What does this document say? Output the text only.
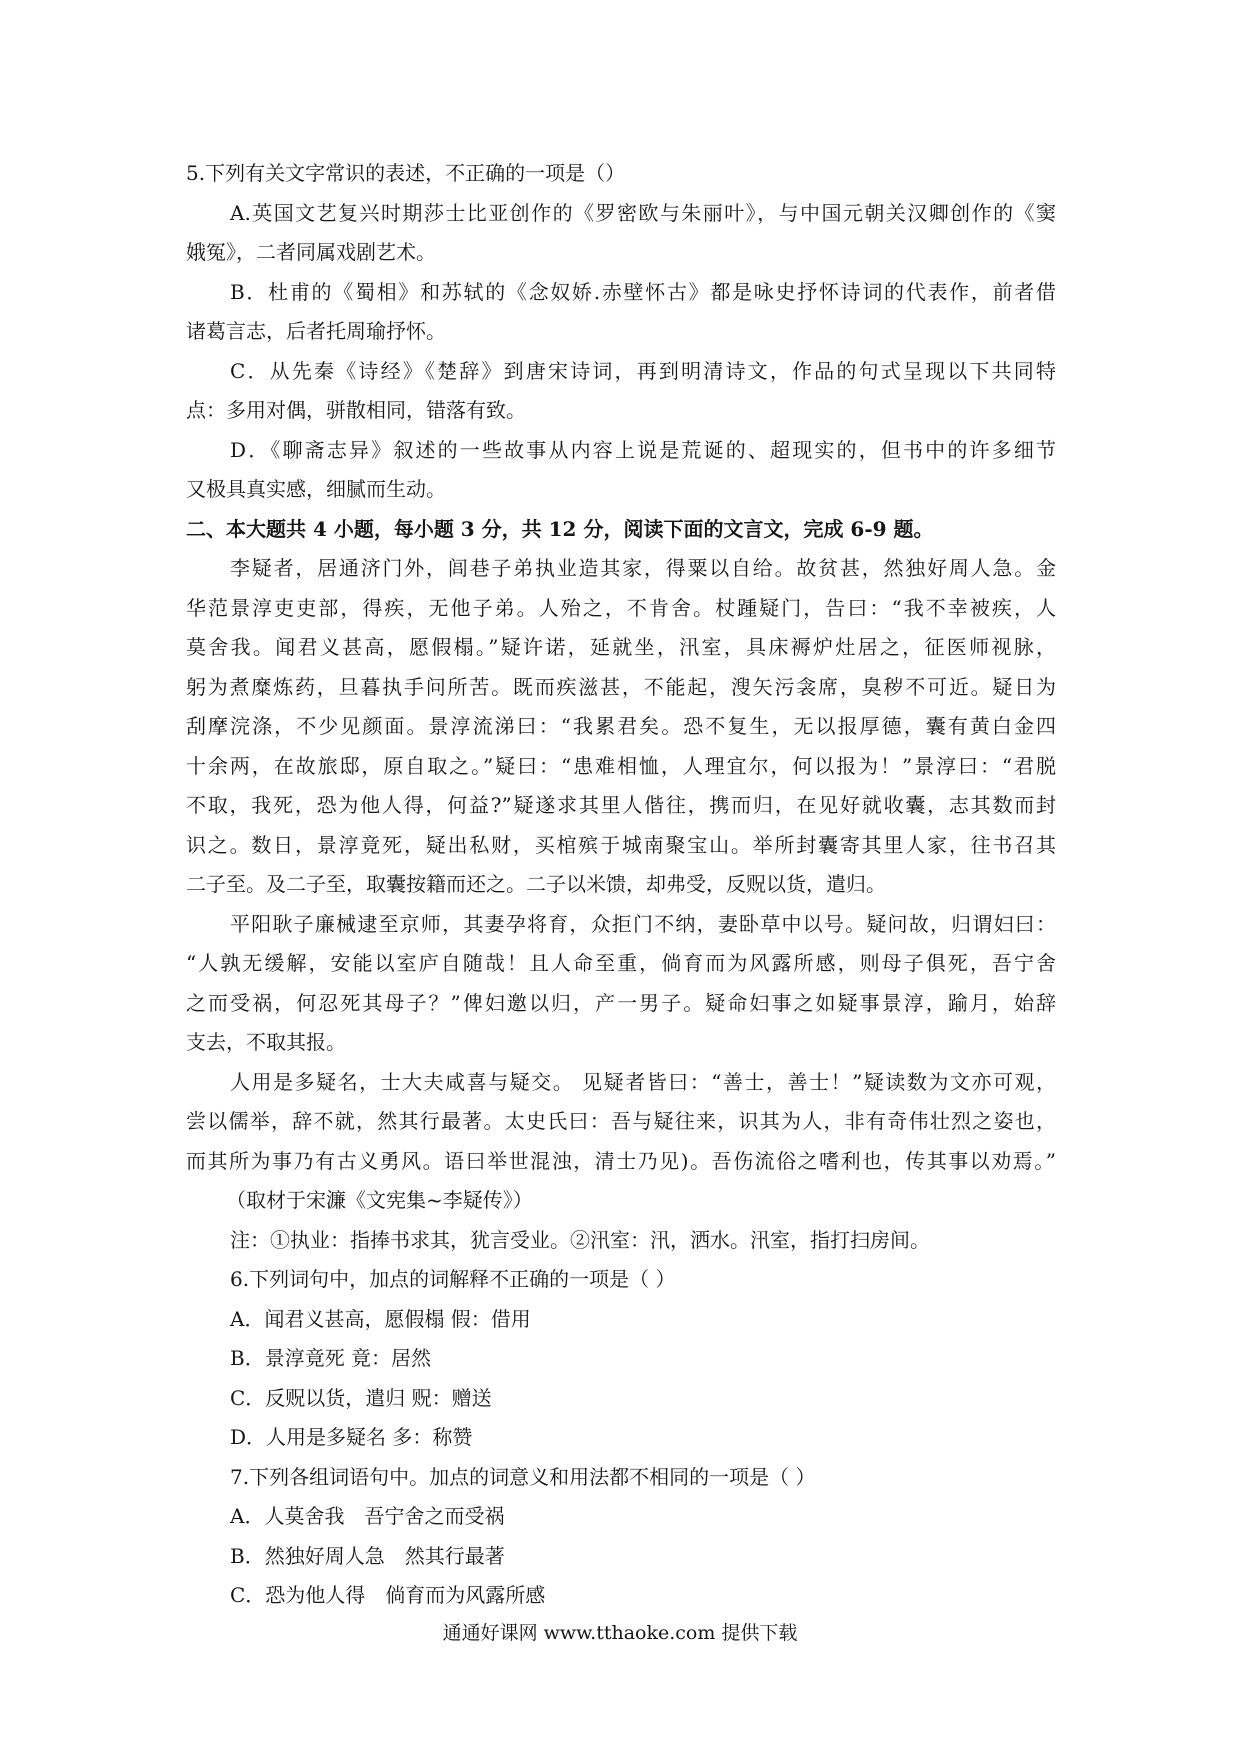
5.下列有关文字常识的表述，不正确的一项是（）

A.英国文艺复兴时期莎士比亚创作的《罗密欧与朱丽叶》，与中国元朝关汉卿创作的《窦

娥冤》，二者同属戏剧艺术。

B．杜甫的《蜀相》和苏轼的《念奴娇.赤壁怀古》都是咏史抒怀诗词的代表作，前者借

诸葛言志，后者托周瑜抒怀。

C．从先秦《诗经》《楚辞》到唐宋诗词，再到明清诗文，作品的句式呈现以下共同特

点：多用对偶，骈散相同，错落有致。

D．《聊斋志异》叙述的一些故事从内容上说是荒诞的、超现实的，但书中的许多细节

又极具真实感，细腻而生动。

二、本大题共 4 小题，每小题 3 分，共 12 分，阅读下面的文言文，完成 6-9 题。

李疑者，居通济门外，闾巷子弟执业造其家，得粟以自给。故贫甚，然独好周人急。金

华范景淳吏吏部，得疾，无他子弟。人殆之，不肯舍。杖踵疑门，告曰：“我不幸被疾，人

莫舍我。闻君义甚高，愿假榻。”疑许诺，延就坐，汛室，具床褥炉灶居之，征医师视脉，

躬为煮糜炼药，旦暮执手问所苦。既而疾滋甚，不能起，溲矢污衾席，臭秽不可近。疑日为

刮摩浣涤，不少见颜面。景淳流涕曰：“我累君矣。恐不复生，无以报厚德，囊有黄白金四

十余两，在故旅邸，原自取之。”疑曰：“患难相恤，人理宜尔，何以报为！”景淳曰：“君脱

不取，我死，恐为他人得，何益?”疑遂求其里人偕往，携而归，在见好就收囊，志其数而封

识之。数日，景淳竟死，疑出私财，买棺殡于城南聚宝山。举所封囊寄其里人家，往书召其

二子至。及二子至，取囊按籍而还之。二子以米馈，却弗受，反贶以货，遣归。

平阳耿子廉械逮至京师，其妻孕将育，众拒门不纳，妻卧草中以号。疑问故，归谓妇曰：

“人孰无缓解，安能以室庐自随哉！且人命至重，倘育而为风露所感，则母子俱死，吾宁舍

之而受祸，何忍死其母子？”俾妇邀以归，产一男子。疑命妇事之如疑事景淳，踰月，始辞

支去，不取其报。

人用是多疑名，士大夫咸喜与疑交。 见疑者皆曰：“善士，善士！”疑读数为文亦可观，

尝以儒举，辞不就，然其行最著。太史氏曰：吾与疑往来，识其为人，非有奇伟壮烈之姿也，

而其所为事乃有古义勇风。语曰举世混浊，清士乃见)。吾伤流俗之嗜利也，传其事以劝焉。”

（取材于宋濂《文宪集~李疑传》）

注：①执业：指捧书求其，犹言受业。②汛室：汛，洒水。汛室，指打扫房间。

6.下列词句中，加点的词解释不正确的一项是（ ）

A．闻君义甚高，愿假榻 假：借用

B．景淳竟死 竟：居然

C．反贶以货，遣归 贶：赠送

D．人用是多疑名 多：称赞

7.下列各组词语句中。加点的词意义和用法都不相同的一项是（ ）

A．人莫舍我　吾宁舍之而受祸

B．然独好周人急　然其行最著

C．恐为他人得　倘育而为风露所感

通通好课网 www.tthaoke.com 提供下载
